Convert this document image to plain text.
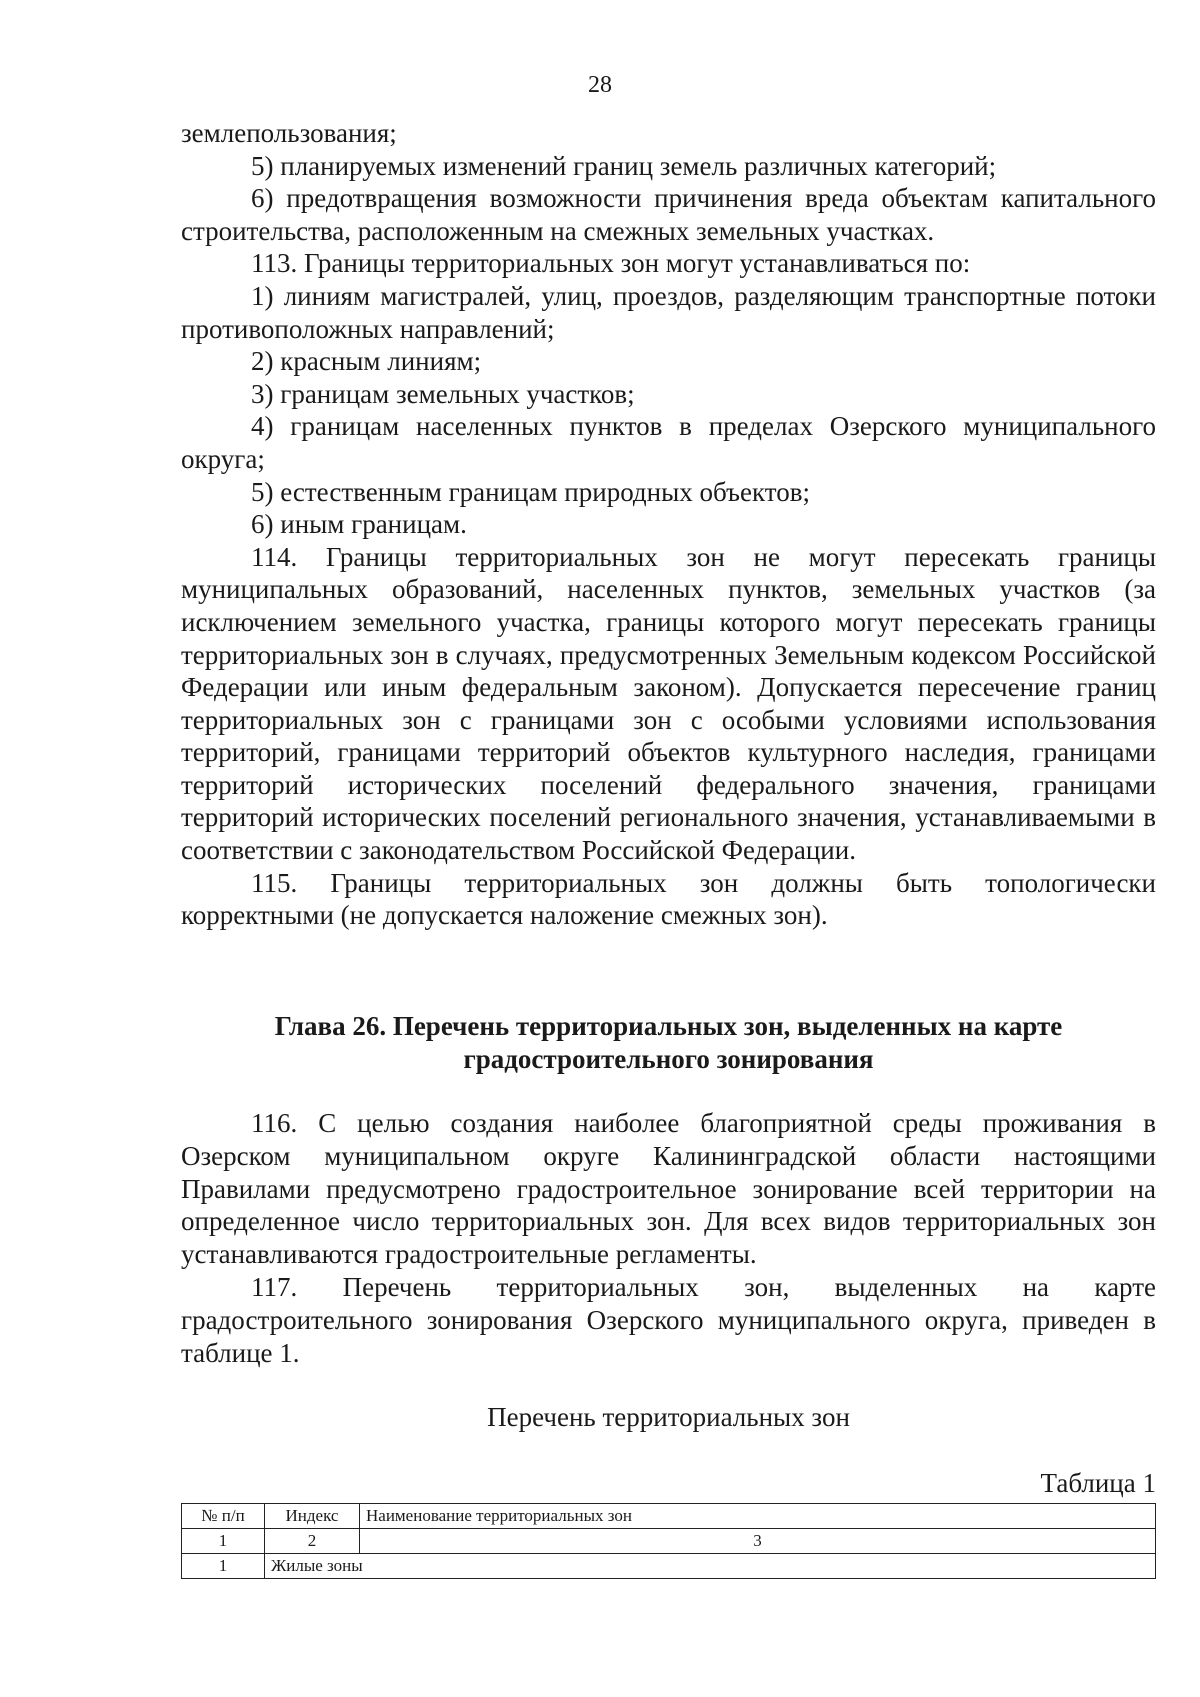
28

землепользования;

5) планируемых изменений границ земель различных категорий;

6) предотвращения возможности причинения вреда объектам капитального строительства, расположенным на смежных земельных участках.

113. Границы территориальных зон могут устанавливаться по:

1) линиям магистралей, улиц, проездов, разделяющим транспортные потоки противоположных направлений;

2) красным линиям;

3) границам земельных участков;

4) границам населенных пунктов в пределах Озерского муниципального округа;

5) естественным границам природных объектов;

6) иным границам.

114. Границы территориальных зон не могут пересекать границы муниципальных образований, населенных пунктов, земельных участков (за исключением земельного участка, границы которого могут пересекать границы территориальных зон в случаях, предусмотренных Земельным кодексом Российской Федерации или иным федеральным законом). Допускается пересечение границ территориальных зон с границами зон с особыми условиями использования территорий, границами территорий объектов культурного наследия, границами территорий исторических поселений федерального значения, границами территорий исторических поселений регионального значения, устанавливаемыми в соответствии с законодательством Российской Федерации.

115. Границы территориальных зон должны быть топологически корректными (не допускается наложение смежных зон).

Глава 26. Перечень территориальных зон, выделенных на карте
градостроительного зонирования

116. С целью создания наиболее благоприятной среды проживания в Озерском муниципальном округе Калининградской области настоящими Правилами предусмотрено градостроительное зонирование всей территории на определенное число территориальных зон. Для всех видов территориальных зон устанавливаются градостроительные регламенты.

117. Перечень территориальных зон, выделенных на карте градостроительного зонирования Озерского муниципального округа, приведен в таблице 1.

Перечень территориальных зон
Таблица 1
№ п/п	Индекс	Наименование территориальных зон
1	2	3
1	Жилые зоны	
